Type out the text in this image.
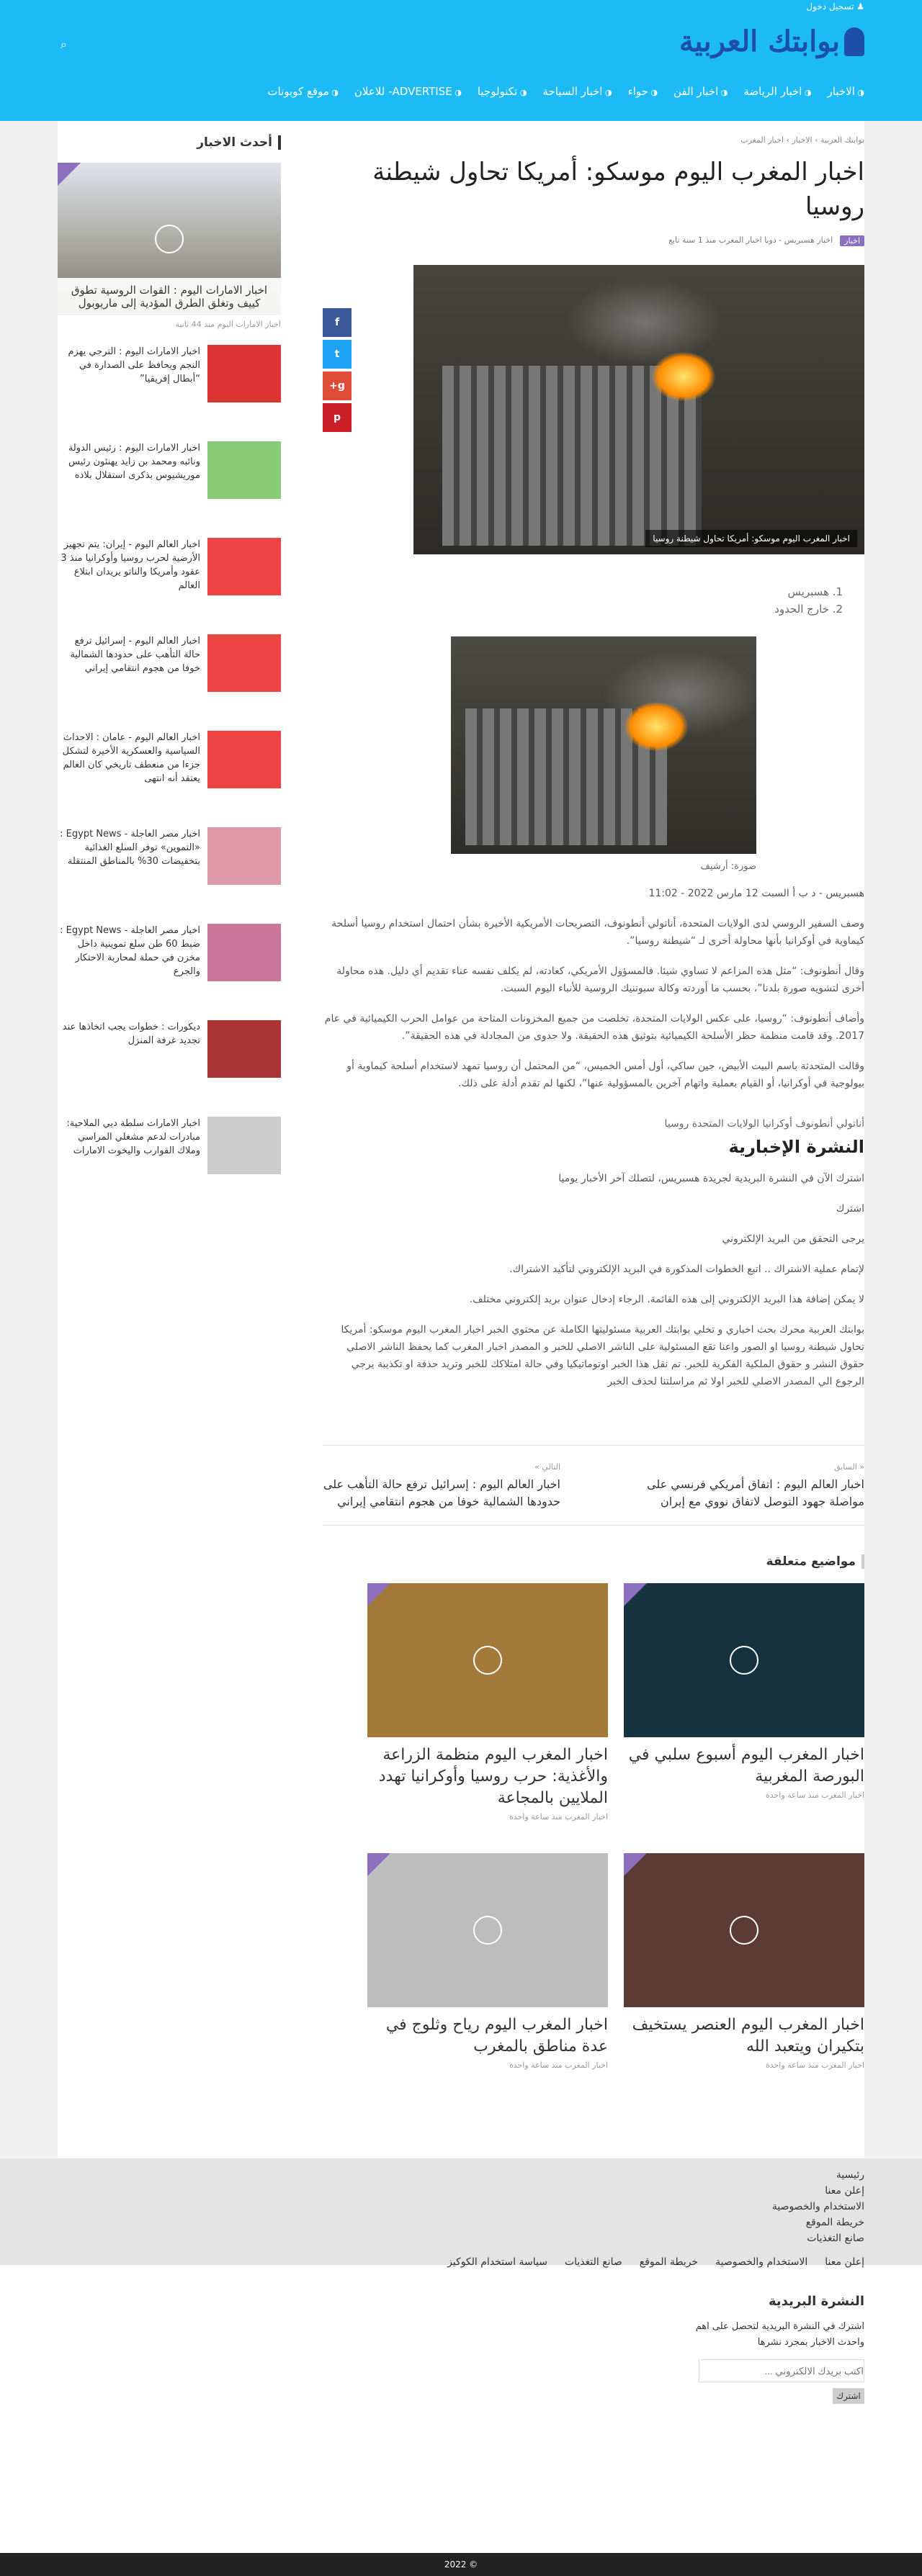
♟ تسجيل دخول
بوابتك العربية
⌕
◑ الاخبار
◑ اخبار الرياضة
◑ اخبار الفن
◑ حواء
◑ اخبار السياحة
◑ تكنولوجيا
◑ ADVERTISE- للاعلان
◑ موقع كوبونات
بوابتك العربية › الاخبار › اخبار المغرب
اخبار المغرب اليوم موسكو: أمريكا تحاول شيطنة روسيا
اخبار
اخبار هسبريس - دوبا اخبار المغرب منذ 1 سنة تابع
اخبار المغرب اليوم موسكو: أمريكا تحاول شيطنة روسيا
f
t
g+
p
1. هسبريس
2. خارج الحدود
صورة: أرشيف

هسبريس - د ب أ السبت 12 مارس 2022 - 11:02

وصف السفير الروسي لدى الولايات المتحدة، أناتولي أنطونوف، التصريحات الأمريكية الأخيرة بشأن احتمال استخدام روسيا أسلحة كيماوية في أوكرانيا بأنها محاولة أخرى لـ “شيطنة روسيا”.

وقال أنطونوف: “مثل هذه المزاعم لا تساوي شيئا. فالمسؤول الأمريكي، كعادته، لم يكلف نفسه عناء تقديم أي دليل. هذه محاولة أخرى لتشويه صورة بلدنا”، بحسب ما أوردته وكالة سبوتنيك الروسية للأنباء اليوم السبت.

وأضاف أنطونوف: “روسيا، على عكس الولايات المتحدة، تخلصت من جميع المخزونات المتاحة من عوامل الحرب الكيميائية في عام 2017. وقد قامت منظمة حظر الأسلحة الكيميائية بتوثيق هذه الحقيقة. ولا جدوى من المجادلة في هذه الحقيقة”.

وقالت المتحدثة باسم البيت الأبيض، جين ساكي، أول أمس الخميس، “من المحتمل أن روسيا تمهد لاستخدام أسلحة كيماوية أو بيولوجية في أوكرانيا، أو القيام بعملية واتهام آخرين بالمسؤولية عنها”، لكنها لم تقدم أدلة على ذلك.

أناتولي أنطونوف أوكرانيا الولايات المتحدة روسيا
النشرة الإخبارية
اشترك الآن في النشرة البريدية لجريدة هسبريس، لتصلك آخر الأخبار يوميا
اشترك
يرجى التحقق من البريد الإلكتروني
لإتمام عملية الاشتراك .. اتبع الخطوات المذكورة في البريد الإلكتروني لتأكيد الاشتراك.
لا يمكن إضافة هذا البريد الإلكتروني إلى هذه القائمة. الرجاء إدخال عنوان بريد إلكتروني مختلف.
بوابتك العربية محرك بحث اخباري و تخلي بوابتك العربية مسئوليتها الكاملة عن محتوي الخبر اخبار المغرب اليوم موسكو: أمريكا تحاول شيطنة روسيا او الصور واعنا تقع المسئولية على الناشر الاصلي للخبر و المصدر اخبار المغرب كما يحفظ الناشر الاصلي حقوق النشر و حقوق الملكية الفكرية للخبر. تم نقل هذا الخبر اوتوماتيكيا وفي حالة امتلاكك للخبر وتريد حذفة او تكذيبة يرجي الرجوع الي المصدر الاصلي للخبر اولا ثم مراسلتنا لحذف الخبر
« السابق
اخبار العالم اليوم : اتفاق أمريكي فرنسي على مواصلة جهود التوصل لاتفاق نووي مع إيران
التالي »
اخبار العالم اليوم : إسرائيل ترفع حالة التأهب على حدودها الشمالية خوفا من هجوم انتقامي إيراني
مواضيع متعلقة
اخبار المغرب اليوم أسبوع سلبي في البورصة المغربية
اخبار المغرب منذ ساعة واحدة
اخبار المغرب اليوم منظمة الزراعة والأغذية: حرب روسيا وأوكرانيا تهدد الملايين بالمجاعة
اخبار المغرب منذ ساعة واحدة
اخبار المغرب اليوم العنصر يستخيف بتكيران ويتعبد الله
اخبار المغرب منذ ساعة واحدة
اخبار المغرب اليوم رياح وثلوج في عدة مناطق بالمغرب
اخبار المغرب منذ ساعة واحدة
أحدث الاخبار
اخبار الامارات اليوم : القوات الروسية تطوق كييف وتغلق الطرق المؤدية إلى ماريوبول
اخبار الامارات اليوم منذ 44 ثانية
اخبار الامارات اليوم : الترجي يهزم النجم ويحافظ على الصدارة في “أبطال إفريقيا”
اخبار الامارات اليوم : رئيس الدولة ونائبه ومحمد بن زايد يهنئون رئيس موريشيوس بذكرى استقلال بلاده
اخبار العالم اليوم - إيران: يتم تجهيز الأرضية لحرب روسيا وأوكرانيا منذ 3 عقود وأمريكا والناتو يريدان ابتلاع العالم
اخبار العالم اليوم - إسرائيل ترفع حالة التأهب على حدودها الشمالية خوفا من هجوم انتقامي إيراني
اخبار العالم اليوم - عامان : الاحداث السياسية والعسكرية الأخيرة لتشكل جزءا من منعطف تاريخي كان العالم يعتقد أنه انتهى
اخبار مصر العاجلة - Egypt News : «التموين» توفر السلع الغذائية بتخفيضات 30% بالمناطق المنتقلة
اخبار مصر العاجلة - Egypt News : ضبط 60 طن سلع تموينية داخل مخزن في حملة لمحاربة الاحتكار والجرع
ديكورات : خطوات يجب اتخاذها عند تجديد غرفة المنزل
اخبار الامارات سلطة دبي الملاحية: مبادرات لدعم مشغلي المراسي وملاك القوارب واليخوت الامارات
رئيسية
إعلن معنا
الاستخدام والخصوصية
خريطة الموقع
صانع التغذيات
إعلن معنا
الاستخدام والخصوصية
خريطة الموقع
صانع التغذيات
سياسة استخدام الكوكيز
النشرة البريدية
اشترك في النشرة البريدية لتحصل على اهم واحدث الاخبار بمجرد نشرها
اكتب بريدك الالكتروني ...
اشترك
© 2022
